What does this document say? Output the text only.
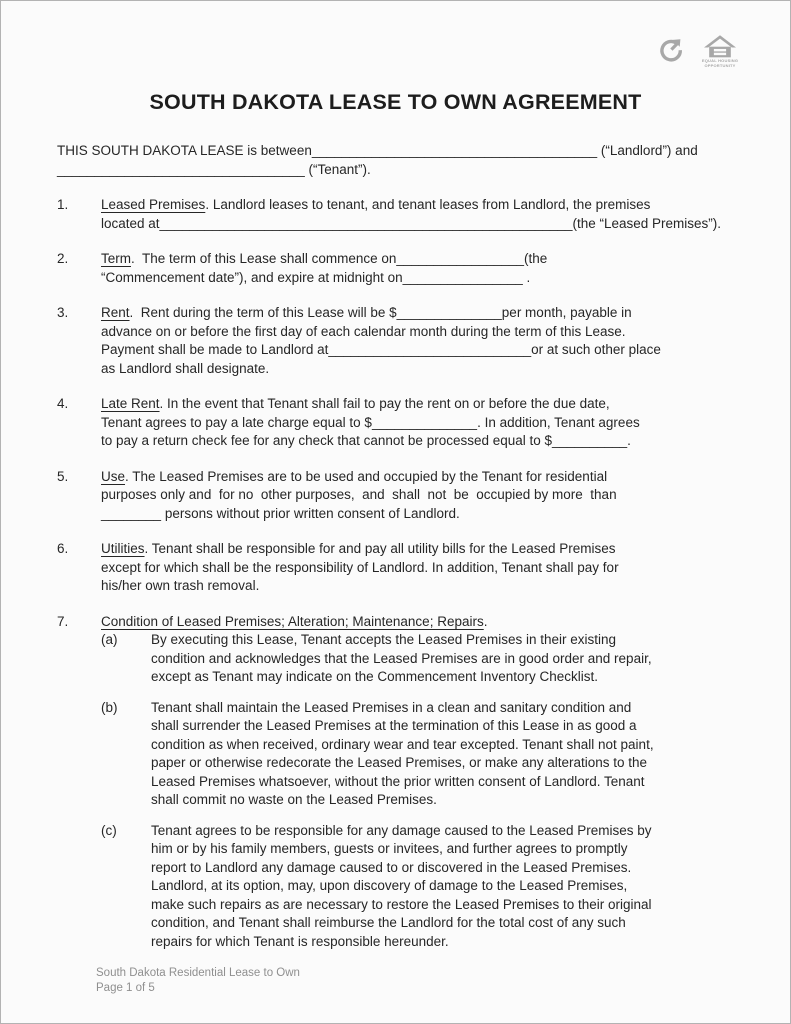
EQUAL HOUSING
OPPORTUNITY
SOUTH DAKOTA LEASE TO OWN AGREEMENT
THIS SOUTH DAKOTA LEASE is between______________________________________ (“Landlord”) and
_________________________________ (“Tenant”).
1.	Leased Premises. Landlord leases to tenant, and tenant leases from Landlord, the premises
located at_______________________________________________________(the “Leased Premises”).
2.	Term.  The term of this Lease shall commence on_________________(the
“Commencement date”), and expire at midnight on________________ .
3.	Rent.  Rent during the term of this Lease will be $______________per month, payable in
advance on or before the first day of each calendar month during the term of this Lease.
Payment shall be made to Landlord at___________________________or at such other place
as Landlord shall designate.
4.	Late Rent. In the event that Tenant shall fail to pay the rent on or before the due date,
Tenant agrees to pay a late charge equal to $______________. In addition, Tenant agrees
to pay a return check fee for any check that cannot be processed equal to $__________.
5.	Use. The Leased Premises are to be used and occupied by the Tenant for residential
purposes only and  for no  other purposes,  and  shall  not  be  occupied by more  than
________ persons without prior written consent of Landlord.
6.	Utilities. Tenant shall be responsible for and pay all utility bills for the Leased Premises
except for which shall be the responsibility of Landlord. In addition, Tenant shall pay for
his/her own trash removal.
7.	Condition of Leased Premises; Alteration; Maintenance; Repairs.
(a)	By executing this Lease, Tenant accepts the Leased Premises in their existing
condition and acknowledges that the Leased Premises are in good order and repair,
except as Tenant may indicate on the Commencement Inventory Checklist.
(b)	Tenant shall maintain the Leased Premises in a clean and sanitary condition and
shall surrender the Leased Premises at the termination of this Lease in as good a
condition as when received, ordinary wear and tear excepted. Tenant shall not paint,
paper or otherwise redecorate the Leased Premises, or make any alterations to the
Leased Premises whatsoever, without the prior written consent of Landlord. Tenant
shall commit no waste on the Leased Premises.
(c)	Tenant agrees to be responsible for any damage caused to the Leased Premises by
him or by his family members, guests or invitees, and further agrees to promptly
report to Landlord any damage caused to or discovered in the Leased Premises.
Landlord, at its option, may, upon discovery of damage to the Leased Premises,
make such repairs as are necessary to restore the Leased Premises to their original
condition, and Tenant shall reimburse the Landlord for the total cost of any such
repairs for which Tenant is responsible hereunder.
South Dakota Residential Lease to Own
Page 1 of 5
